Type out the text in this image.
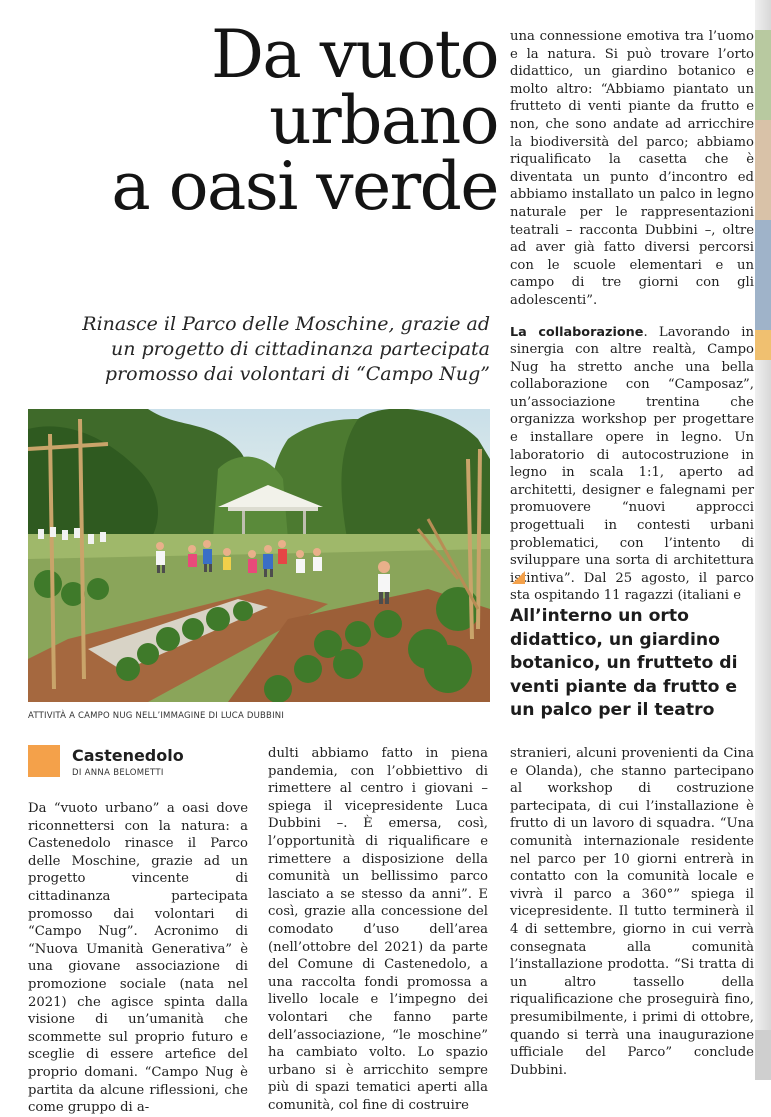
Da vuoto
urbano
a oasi verde
Rinasce il Parco delle Moschine, grazie ad un progetto di cittadinanza partecipata promosso dai volontari di “Campo Nug”
ATTIVITÀ A CAMPO NUG NELL’IMMAGINE DI LUCA DUBBINI

una connessione emotiva tra l’uomo e la natura. Si può trovare l’orto didattico, un giardino botanico e molto altro: “Abbiamo piantato un frutteto di venti piante da frutto e non, che sono andate ad arricchire la biodiversità del parco; abbiamo riqualificato la casetta che è diventata un punto d’incontro ed abbiamo installato un palco in legno naturale per le rappresentazioni teatrali – racconta Dubbini –, oltre ad aver già fatto diversi percorsi con le scuole elementari e un campo di tre giorni con gli adolescenti”.

La collaborazione. Lavorando in sinergia con altre realtà, Campo Nug ha stretto anche una bella collaborazione con “Camposaz”, un’associazione trentina che organizza workshop per progettare e installare opere in legno. Un laboratorio di autocostruzione in legno in scala 1:1, aperto ad architetti, designer e falegnami per promuovere “nuovi approcci progettuali in contesti urbani problematici, con l’intento di sviluppare una sorta di architettura istintiva”. Dal 25 agosto, il parco sta ospitando 11 ragazzi (italiani e

All’interno un orto didattico, un giardino botanico, un frutteto di venti piante da frutto e un palco per il teatro

Castenedolo
DI ANNA BELOMETTI

Da “vuoto urbano” a oasi dove riconnettersi con la natura: a Castenedolo rinasce il Parco delle Moschine, grazie ad un progetto vincente di cittadinanza partecipata promosso dai volontari di “Campo Nug”. Acronimo di “Nuova Umanità Generativa” è una giovane associazione di promozione sociale (nata nel 2021) che agisce spinta dalla visione di un’umanità che scommette sul proprio futuro e sceglie di essere artefice del proprio domani. “Campo Nug è partita da alcune riflessioni, che come gruppo di a-

dulti abbiamo fatto in piena pandemia, con l’obbiettivo di rimettere al centro i giovani – spiega il vicepresidente Luca Dubbini –. È emersa, così, l’opportunità di riqualificare e rimettere a disposizione della comunità un bellissimo parco lasciato a se stesso da anni”. E così, grazie alla concessione del comodato d’uso dell’area (nell’ottobre del 2021) da parte del Comune di Castenedolo, a una raccolta fondi promossa a livello locale e l’impegno dei volontari che fanno parte dell’associazione, “le moschine” ha cambiato volto. Lo spazio urbano si è arricchito sempre più di spazi tematici aperti alla comunità, col fine di costruire

stranieri, alcuni provenienti da Cina e Olanda), che stanno partecipano al workshop di costruzione partecipata, di cui l’installazione è frutto di un lavoro di squadra. “Una comunità internazionale residente nel parco per 10 giorni entrerà in contatto con la comunità locale e vivrà il parco a 360°” spiega il vicepresidente. Il tutto terminerà il 4 di settembre, giorno in cui verrà consegnata alla comunità l’installazione prodotta. “Si tratta di un altro tassello della riqualificazione che proseguirà fino, presumibilmente, i primi di ottobre, quando si terrà una inaugurazione ufficiale del Parco” conclude Dubbini.
